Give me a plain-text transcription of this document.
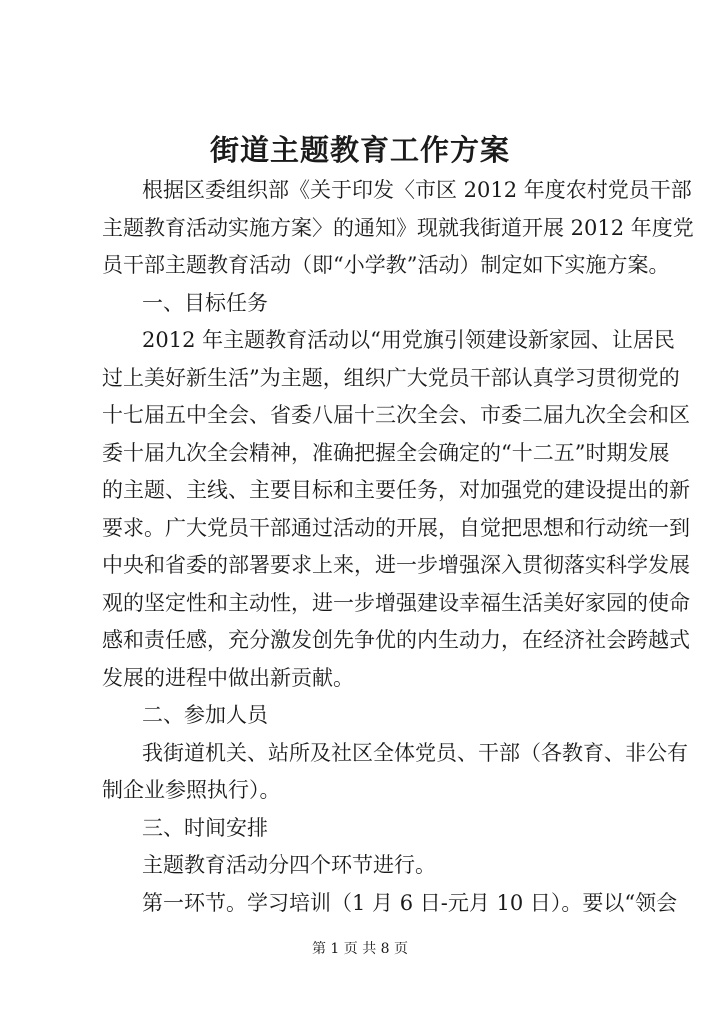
街道主题教育工作方案
根据区委组织部《关于印发〈市区 2012 年度农村党员干部
主题教育活动实施方案〉的通知》现就我街道开展 2012 年度党
员干部主题教育活动（即“小学教”活动）制定如下实施方案。
一、目标任务
2012 年主题教育活动以“用党旗引领建设新家园、让居民
过上美好新生活”为主题，组织广大党员干部认真学习贯彻党的
十七届五中全会、省委八届十三次全会、市委二届九次全会和区
委十届九次全会精神，准确把握全会确定的“十二五”时期发展
的主题、主线、主要目标和主要任务，对加强党的建设提出的新
要求。广大党员干部通过活动的开展，自觉把思想和行动统一到
中央和省委的部署要求上来，进一步增强深入贯彻落实科学发展
观的坚定性和主动性，进一步增强建设幸福生活美好家园的使命
感和责任感，充分激发创先争优的内生动力，在经济社会跨越式
发展的进程中做出新贡献。
二、参加人员
我街道机关、站所及社区全体党员、干部（各教育、非公有
制企业参照执行）。
三、时间安排
主题教育活动分四个环节进行。
第一环节。学习培训（1 月 6 日-元月 10 日）。要以“领会
第 1 页 共 8 页
